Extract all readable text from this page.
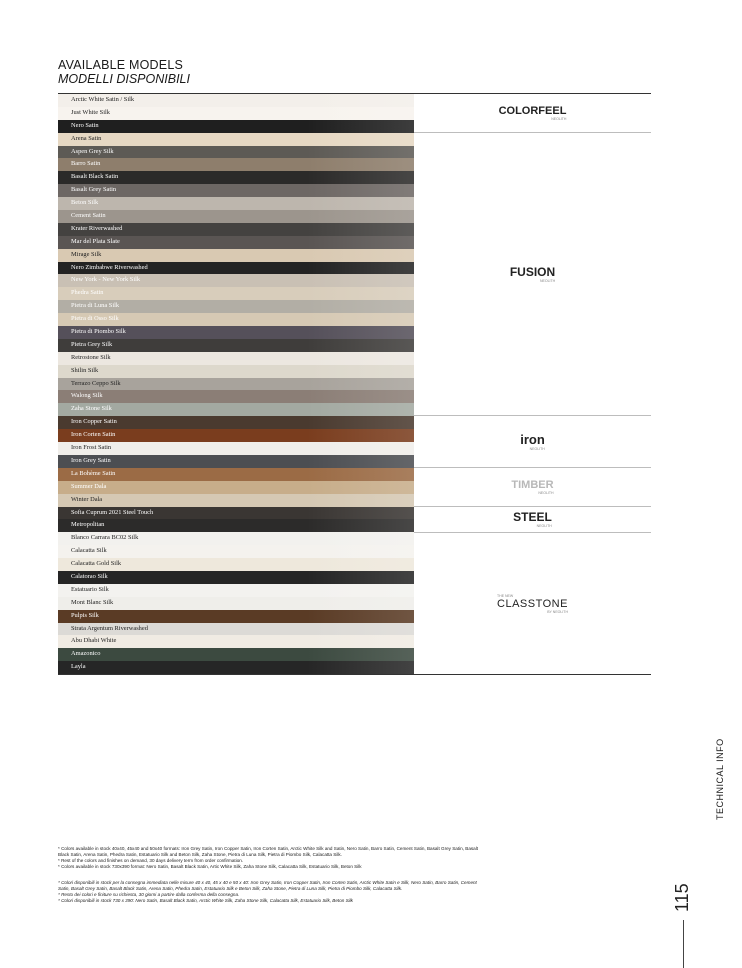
AVAILABLE MODELS
MODELLI DISPONIBILI
Arctic White Satin / Silk
Just White Silk
Nero Satin
Arena Satin
Aspen Grey Silk
Barro Satin
Basalt Black Satin
Basalt Grey Satin
Beton Silk
Cement Satin
Krater Riverwashed
Mar del Plata Slate
Mirage Silk
Nero Zimbabwe Riverwashed
New York - New York Silk
Phedra Satin
Pietra di Luna Silk
Pietra di Osso Silk
Pietra di Piombo Silk
Pietra Grey Silk
Retrostone Silk
Shilin Silk
Terrazo Ceppo Silk
Walong Silk
Zaha Stone Silk
Iron Copper Satin
Iron Corten Satin
Iron Frost Satin
Iron Grey Satin
La Bohème Satin
Summer Dala
Winter Dala
Sofia Cuprum 2021 Steel Touch
Metropolitan
Blanco Carrara BC02 Silk
Calacatta Silk
Calacatta Gold Silk
Calatorao Silk
Estatuario Silk
Mont Blanc Silk
Pulpis Silk
Strata Argentum Riverwashed
Abu Dhabi White
Amazonico
Layla
COLORFEEL
NEOLITH
FUSION
NEOLITH
iron
NEOLITH
TIMBER
NEOLITH
STEEL
NEOLITH
THE NEW
CLASSTONE
BY NEOLITH

* Colors available in stock 40x40, 45x40 and 50x40 formats: Iron Grey Satin, Iron Copper Satin, Iron Corten Satin, Arctic White Silk and Satin, Nero Satin, Barro Satin, Cement Satin, Basalt Grey Satin, Basalt

Black Satin, Arena Satin, Phedra Satin, Estatuario Silk and Beton Silk, Zaha Stone, Pietra di Luna Silk, Pietra di Piombo Silk, Calacatta Silk.

* Rest of the colors and finishes on demand, 30 days delivery term from order confirmation.

* Colors available in stock 730x390 format: Nero Satin, Basalt Black Satin, Artic White Silk, Zaha Stone Silk, Calacatta Silk, Estatuario Silk, Beton Silk

* Colori disponibili in stock per la consegna immediata nelle misure 40 x 40, 45 x 40 e 50 x 40: Iron Grey Satin, Iron Copper Satin, Iron Corten Satin, Arctic White Satin e Silk, Nero Satin, Barro Satin, Cement

Satin, Basalt Grey Satin, Basalt Black Satin, Arena Satin, Phedra Satin, Estatuario Silk e Beton Silk, Zaha Stone, Pietra di Luna Silk, Pietra di Piombo Silk, Calacatta Silk.

* Resto dei colori e finiture su richiesta, 30 giorni a partire dalla conferma della consegna.

* Colori disponibili in stock 730 x 390: Nero Satin, Basalt Black Satin, Arctic White Silk, Zaha Stone Silk, Calacatta Silk, Estatuario Silk, Beton Silk

TECHNICAL INFO
115
